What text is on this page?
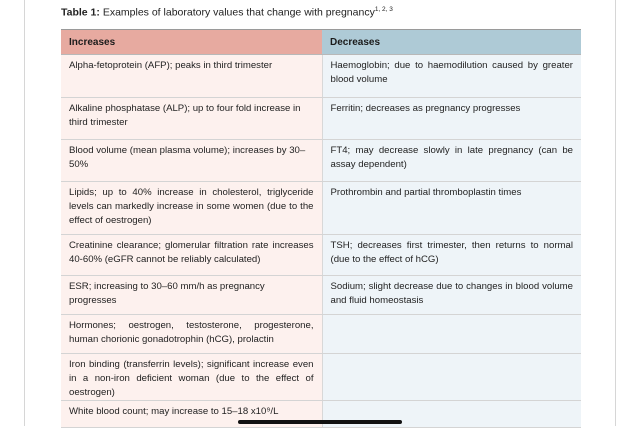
Table 1: Examples of laboratory values that change with pregnancy$^{1, 2, 3}$
Increases	Decreases
Alpha-fetoprotein (AFP); peaks in third trimester	Haemoglobin; due to haemodilution caused by greater blood volume
Alkaline phosphatase (ALP); up to four fold increase in third trimester	Ferritin; decreases as pregnancy progresses
Blood volume (mean plasma volume); increases by 30–50%	FT4; may decrease slowly in late pregnancy (can be assay dependent)
Lipids; up to 40% increase in cholesterol, triglyceride levels can markedly increase in some women (due to the effect of oestrogen)	Prothrombin and partial thromboplastin times
Creatinine clearance; glomerular filtration rate increases 40-60% (eGFR cannot be reliably calculated)	TSH; decreases first trimester, then returns to normal (due to the effect of hCG)
ESR; increasing to 30–60 mm/h as pregnancy progresses	Sodium; slight decrease due to changes in blood volume and fluid homeostasis
Hormones; oestrogen, testosterone, progesterone, human chorionic gonadotrophin (hCG), prolactin	
Iron binding (transferrin levels); significant increase even in a non-iron deficient woman (due to the effect of oestrogen)	
White blood count; may increase to 15–18 x10⁹/L	
